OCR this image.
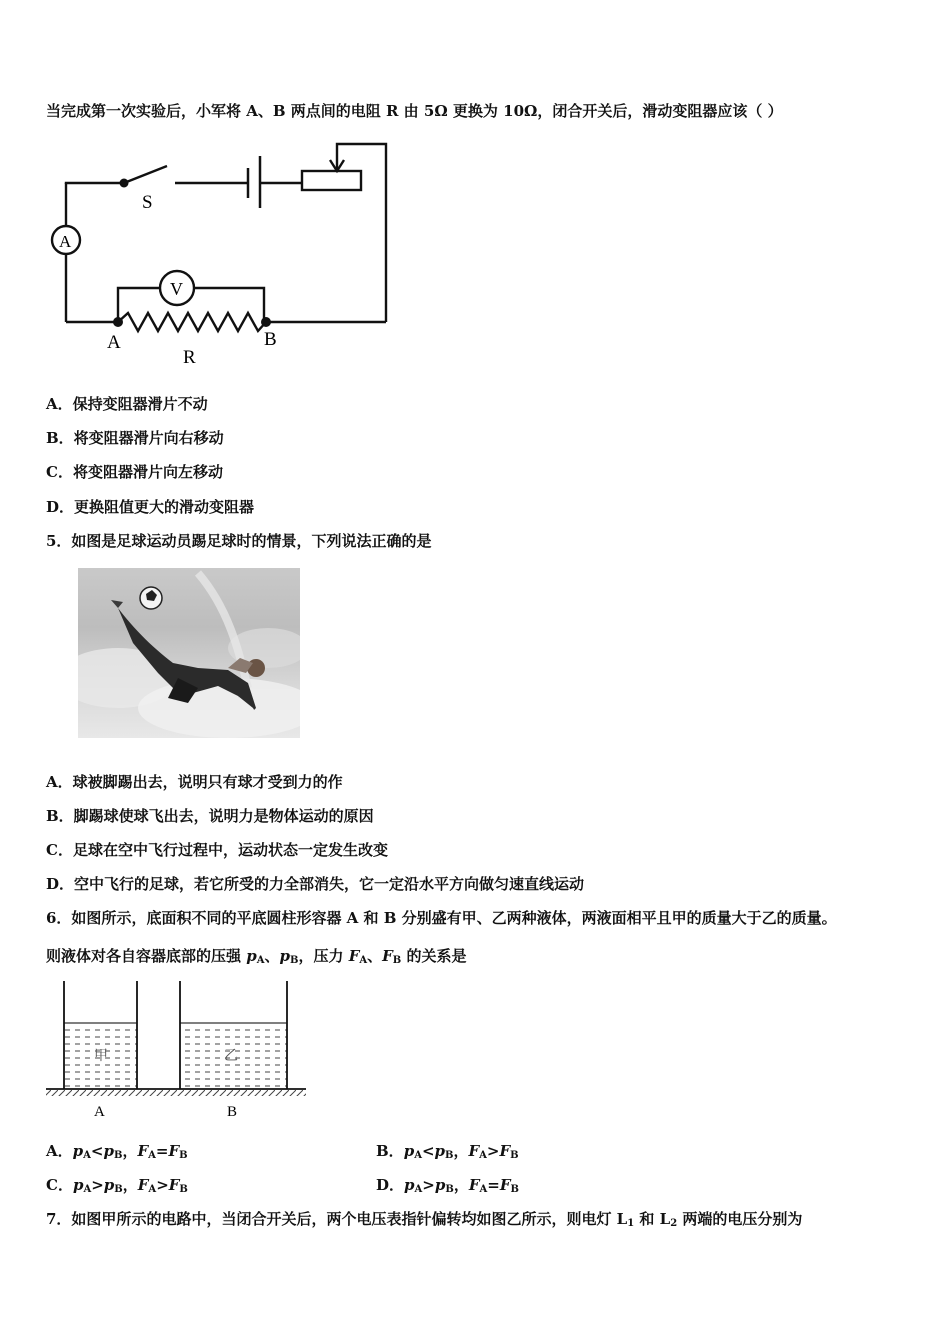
当完成第一次实验后，小军将 A、B 两点间的电阻 R 由 5Ω 更换为 10Ω，闭合开关后，滑动变阻器应该（ ）
S
A
V
A	B
R
A．保持变阻器滑片不动
B．将变阻器滑片向右移动
C．将变阻器滑片向左移动
D．更换阻值更大的滑动变阻器
5．如图是足球运动员踢足球时的情景，下列说法正确的是
A．球被脚踢出去，说明只有球才受到力的作
B．脚踢球使球飞出去，说明力是物体运动的原因
C．足球在空中飞行过程中，运动状态一定发生改变
D．空中飞行的足球，若它所受的力全部消失，它一定沿水平方向做匀速直线运动
6．如图所示，底面积不同的平底圆柱形容器 A 和 B 分别盛有甲、乙两种液体，两液面相平且甲的质量大于乙的质量。
则液体对各自容器底部的压强 $p_A$、$p_B$，压力 $F_A$、$F_B$ 的关系是
甲	乙
A	B
A．$p_A<p_B$，$F_A=F_B$	B．$p_A<p_B$，$F_A>F_B$
C．$p_A>p_B$，$F_A>F_B$	D．$p_A>p_B$，$F_A=F_B$
7．如图甲所示的电路中，当闭合开关后，两个电压表指针偏转均如图乙所示，则电灯 $L_1$ 和 $L_2$ 两端的电压分别为
